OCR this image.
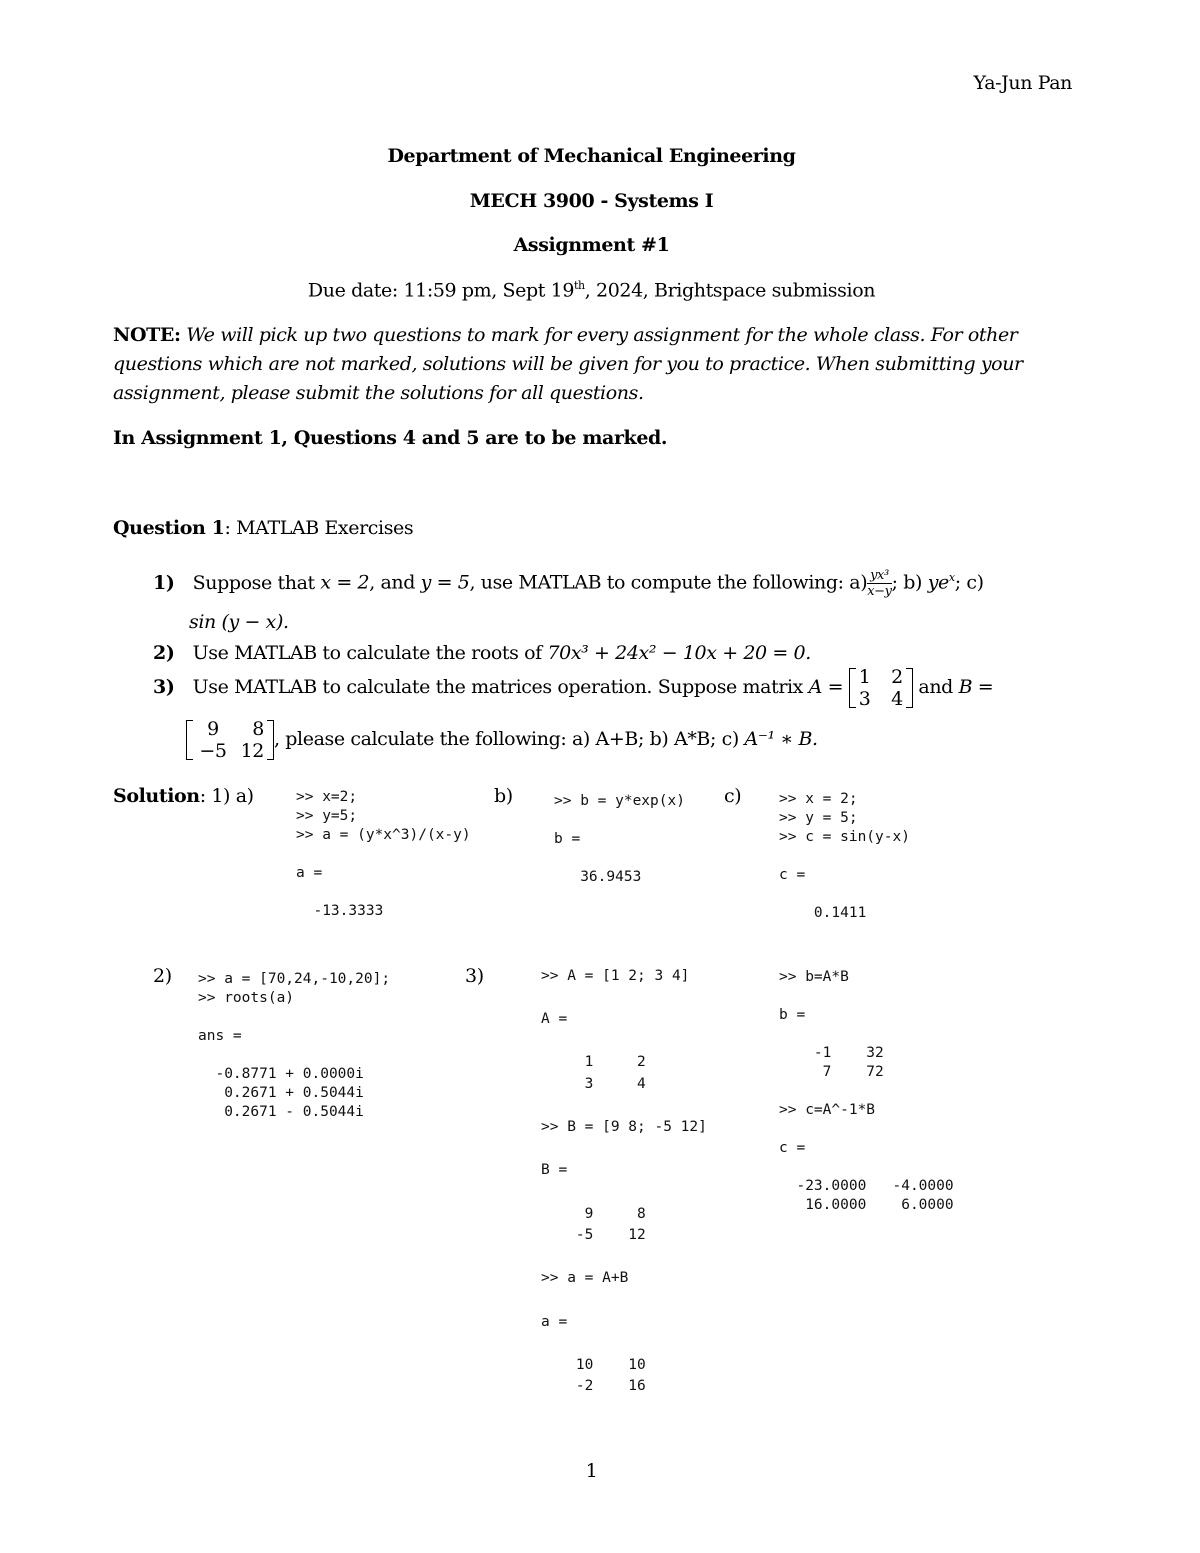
Ya-Jun Pan
Department of Mechanical Engineering
MECH 3900 - Systems I
Assignment #1
Due date: 11:59 pm, Sept 19th, 2024, Brightspace submission
NOTE: We will pick up two questions to mark for every assignment for the whole class. For other questions which are not marked, solutions will be given for you to practice. When submitting your assignment, please submit the solutions for all questions.
In Assignment 1, Questions 4 and 5 are to be marked.
Question 1: MATLAB Exercises
1) Suppose that x = 2, and y = 5, use MATLAB to compute the following: $a) \frac{\text{yx³}}{x-y}$ ; b) $ye^x$; c)
sin (y − x).
2) Use MATLAB to calculate the roots of 70x³ + 24x² − 10x + 20 = 0.
3) Use MATLAB to calculate the matrices operation. Suppose matrix A = 1 2
3 4
and B =
9 8
−5 12
, please calculate the following: a) A+B; b) A*B; c) A⁻¹ ∗ B.
Solution: 1) a)	>> x=2;
>> y=5;
>> a = (y*x^3)/(x-y)

a =

-13.3333
b)	>> b = y*exp(x)

b =

36.9453
c)	>> x = 2;
>> y = 5;
>> c = sin(y-x)

c =

0.1411
2) >> a = [70,24,-10,20];
>> roots(a)

ans =

-0.8771 + 0.0000i
0.2671 + 0.5044i
0.2671 - 0.5044i
3)	>> A = [1 2; 3 4]

A =

1     2
3     4

>> B = [9 8; -5 12]

B =

9     8
-5    12

>> a = A+B

a =

10    10
-2    16
>> b=A*B

b =

-1    32
7    72

>> c=A^-1*B

c =

-23.0000   -4.0000
16.0000    6.0000
1
